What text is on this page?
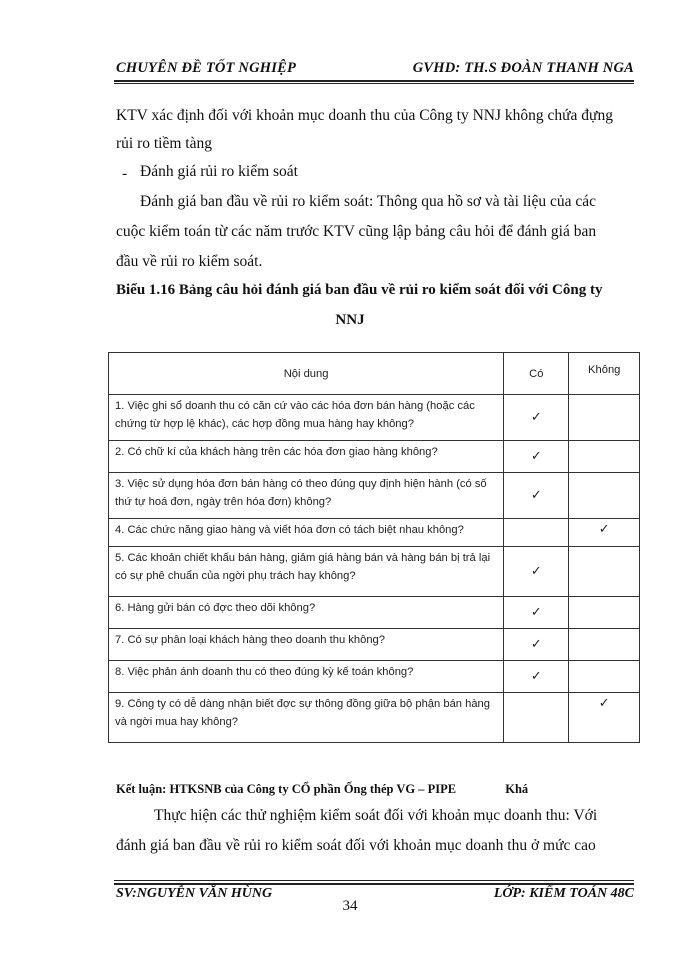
CHUYÊN ĐỀ TỐT NGHIỆP	GVHD: TH.S ĐOÀN THANH NGA
KTV xác định đối với khoản mục doanh thu của Công ty NNJ không chứa đựng
rủi ro tiềm tàng
- Đánh giá rủi ro kiểm soát
Đánh giá ban đầu về rủi ro kiểm soát: Thông qua hồ sơ và tài liệu của các
cuộc kiểm toán từ các năm trước KTV cũng lập bảng câu hỏi để đánh giá ban
đầu về rủi ro kiểm soát.
Biểu 1.16 Bảng câu hỏi đánh giá ban đầu về rủi ro kiểm soát đối với Công ty
NNJ
Nội dung	Có	Không
1. Việc ghi sổ doanh thu có căn cứ vào các hóa đơn bán hàng (hoặc các chứng từ hợp lệ khác), các hợp đồng mua hàng hay không?	✓	
2. Có chữ kí của khách hàng trên các hóa đơn giao hàng không?	✓	
3. Việc sử dụng hóa đơn bán hàng có theo đúng quy định hiện hành (có số thứ tự hoá đơn, ngày trên hóa đơn) không?	✓	
4. Các chức năng giao hàng và viết hóa đơn có tách biệt nhau không?		✓
5. Các khoản chiết khấu bán hàng, giảm giá hàng bán và hàng bán bị trả lại có sự phê chuẩn của ngời phụ trách hay không?	✓	
6. Hàng gửi bán có đợc theo dõi không?	✓	
7. Có sự phân loại khách hàng theo doanh thu không?	✓	
8. Việc phản ánh doanh thu có theo đúng kỳ kế toán không?	✓	
9. Công ty có dễ dàng nhận biết đợc sự thông đồng giữa bộ phận bán hàng và ngời mua hay không?		✓
Kết luận: HTKSNB của Công ty CỔ phần Ống thép VG – PIPE	Khá
Thực hiện các thử nghiệm kiểm soát đối với khoản mục doanh thu: Với
đánh giá ban đầu về rủi ro kiểm soát đối với khoản mục doanh thu ở mức cao
SV:NGUYỄN VĂN HÙNG	LỚP: KIỂM TOÁN 48C
34
